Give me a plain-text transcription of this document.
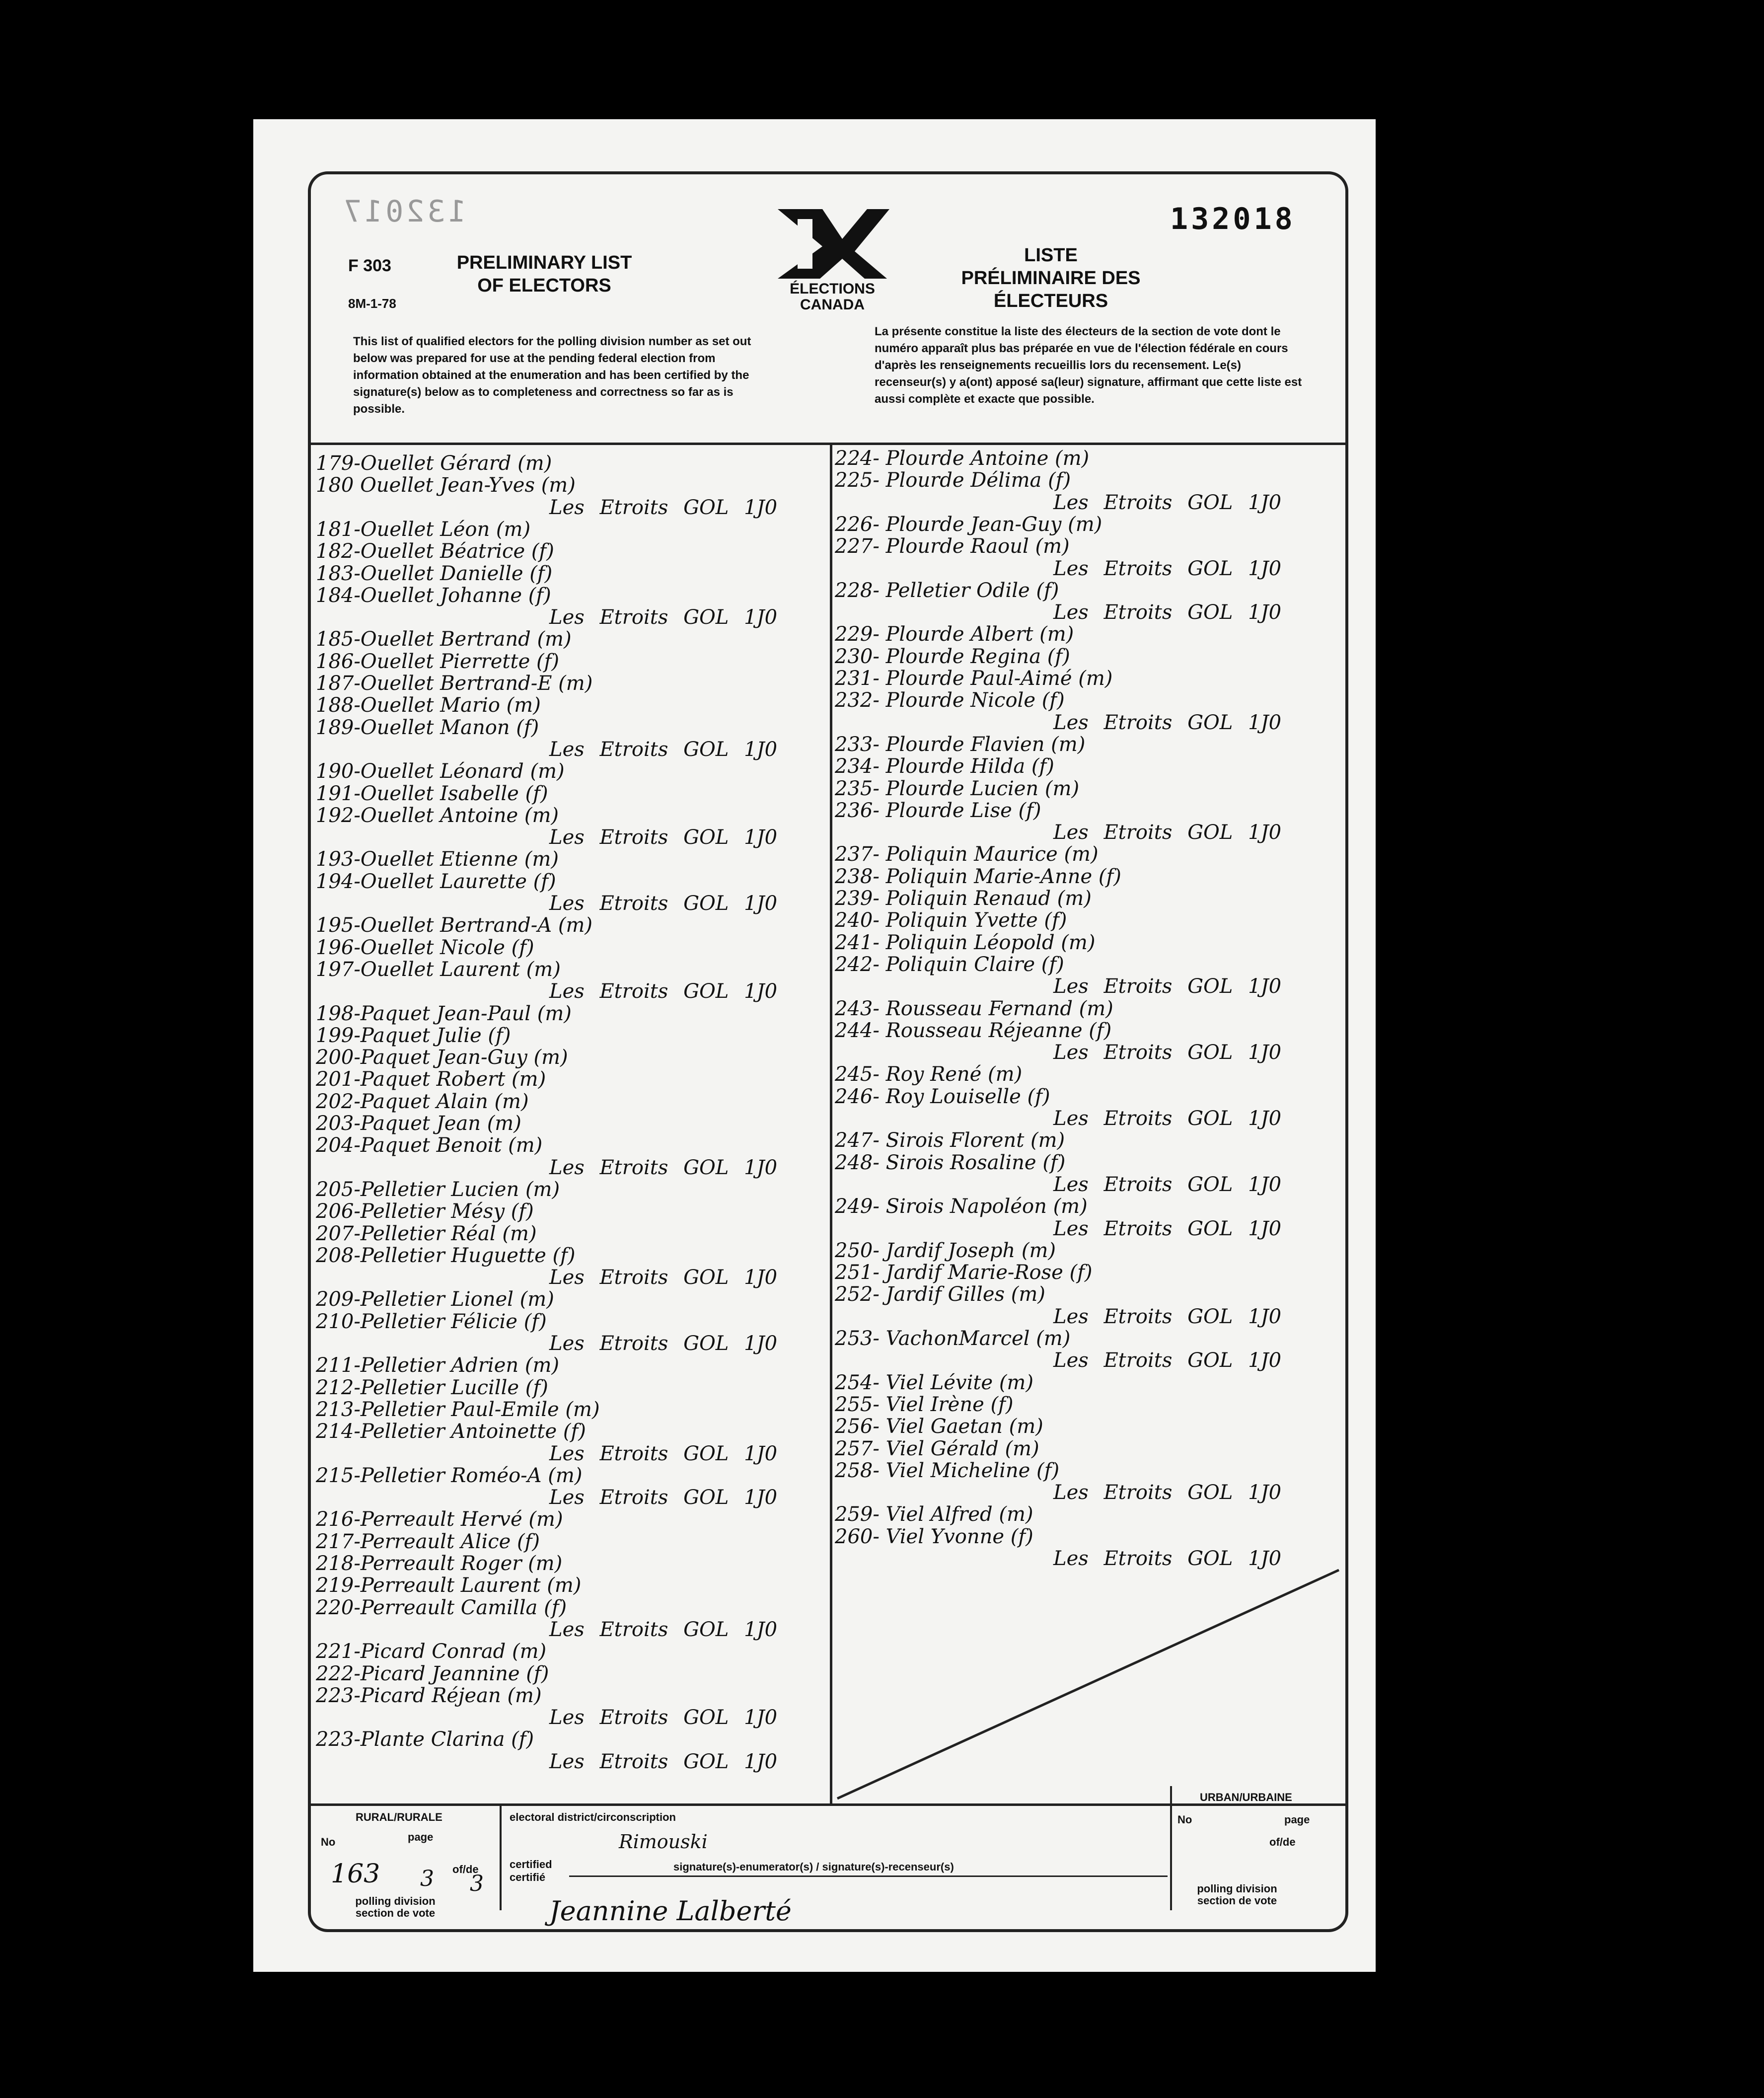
132017	132018
F 303
8M-1-78
PRELIMINARY LIST OF ELECTORS
LISTE PRÉLIMINAIRE DES ÉLECTEURS
ÉLECTIONS CANADA
This list of qualified electors for the polling division number as set out below was prepared for use at the pending federal election from information obtained at the enumeration and has been certified by the signature(s) below as to completeness and correctness so far as is possible.
La présente constitue la liste des électeurs de la section de vote dont le numéro apparaît plus bas préparée en vue de l'élection fédérale en cours d'après les renseignements recueillis lors du recensement. Le(s) recenseur(s) y a(ont) apposé sa(leur) signature, affirmant que cette liste est aussi complète et exacte que possible.
179-Ouellet Gérard (m)
180 Ouellet Jean-Yves (m)
Les Etroits GOL 1J0
181-Ouellet Léon (m)
182-Ouellet Béatrice (f)
183-Ouellet Danielle (f)
184-Ouellet Johanne (f)
Les Etroits GOL 1J0
185-Ouellet Bertrand (m)
186-Ouellet Pierrette (f)
187-Ouellet Bertrand-E (m)
188-Ouellet Mario (m)
189-Ouellet Manon (f)
Les Etroits GOL 1J0
190-Ouellet Léonard (m)
191-Ouellet Isabelle (f)
192-Ouellet Antoine (m)
Les Etroits GOL 1J0
193-Ouellet Etienne (m)
194-Ouellet Laurette (f)
Les Etroits GOL 1J0
195-Ouellet Bertrand-A (m)
196-Ouellet Nicole (f)
197-Ouellet Laurent (m)
Les Etroits GOL 1J0
198-Paquet Jean-Paul (m)
199-Paquet Julie (f)
200-Paquet Jean-Guy (m)
201-Paquet Robert (m)
202-Paquet Alain (m)
203-Paquet Jean (m)
204-Paquet Benoit (m)
Les Etroits GOL 1J0
205-Pelletier Lucien (m)
206-Pelletier Mésy (f)
207-Pelletier Réal (m)
208-Pelletier Huguette (f)
Les Etroits GOL 1J0
209-Pelletier Lionel (m)
210-Pelletier Félicie (f)
Les Etroits GOL 1J0
211-Pelletier Adrien (m)
212-Pelletier Lucille (f)
213-Pelletier Paul-Emile (m)
214-Pelletier Antoinette (f)
Les Etroits GOL 1J0
215-Pelletier Roméo-A (m)
Les Etroits GOL 1J0
216-Perreault Hervé (m)
217-Perreault Alice (f)
218-Perreault Roger (m)
219-Perreault Laurent (m)
220-Perreault Camilla (f)
Les Etroits GOL 1J0
221-Picard Conrad (m)
222-Picard Jeannine (f)
223-Picard Réjean (m)
Les Etroits GOL 1J0
223-Plante Clarina (f)
Les Etroits GOL 1J0
224- Plourde Antoine (m)
225- Plourde Délima (f)
Les Etroits GOL 1J0
226- Plourde Jean-Guy (m)
227- Plourde Raoul (m)
Les Etroits GOL 1J0
228- Pelletier Odile (f)
Les Etroits GOL 1J0
229- Plourde Albert (m)
230- Plourde Regina (f)
231- Plourde Paul-Aimé (m)
232- Plourde Nicole (f)
Les Etroits GOL 1J0
233- Plourde Flavien (m)
234- Plourde Hilda (f)
235- Plourde Lucien (m)
236- Plourde Lise (f)
Les Etroits GOL 1J0
237- Poliquin Maurice (m)
238- Poliquin Marie-Anne (f)
239- Poliquin Renaud (m)
240- Poliquin Yvette (f)
241- Poliquin Léopold (m)
242- Poliquin Claire (f)
Les Etroits GOL 1J0
243- Rousseau Fernand (m)
244- Rousseau Réjeanne (f)
Les Etroits GOL 1J0
245- Roy René (m)
246- Roy Louiselle (f)
Les Etroits GOL 1J0
247- Sirois Florent (m)
248- Sirois Rosaline (f)
Les Etroits GOL 1J0
249- Sirois Napoléon (m)
Les Etroits GOL 1J0
250- Jardif Joseph (m)
251- Jardif Marie-Rose (f)
252- Jardif Gilles (m)
Les Etroits GOL 1J0
253- VachonMarcel (m)
Les Etroits GOL 1J0
254- Viel Lévite (m)
255- Viel Irène (f)
256- Viel Gaetan (m)
257- Viel Gérald (m)
258- Viel Micheline (f)
Les Etroits GOL 1J0
259- Viel Alfred (m)
260- Viel Yvonne (f)
Les Etroits GOL 1J0
RURAL/RURALE
URBAN/URBAINE
No	page
No	page
of/de
163 3 of/de
3
polling division section de vote
polling division section de vote
electoral district/circonscription
Rimouski
certified certifié
signature(s)-enumerator(s) / signature(s)-recenseur(s)
Jeannine Lalberté
